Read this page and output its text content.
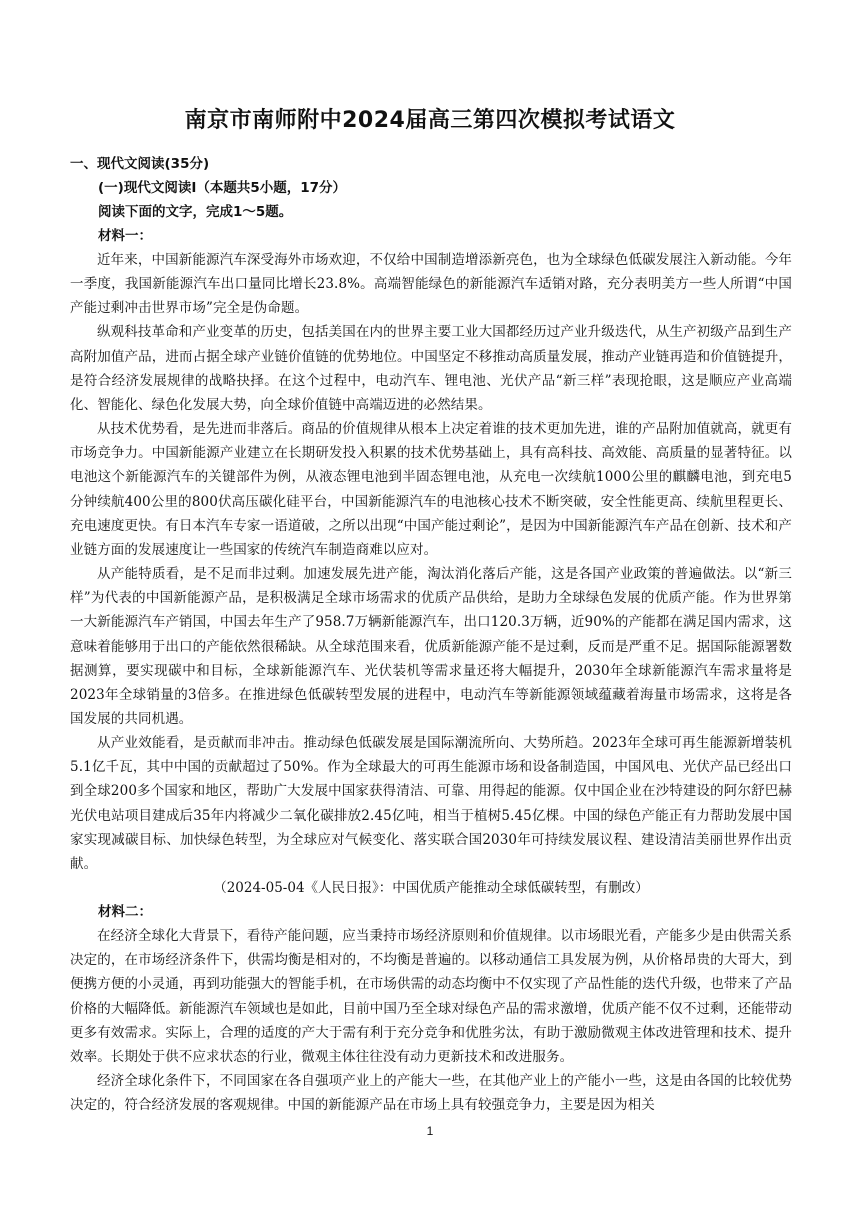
南京市南师附中2024届高三第四次模拟考试语文
一、现代文阅读(35分)
(一)现代文阅读Ⅰ（本题共5小题，17分）
阅读下面的文字，完成1～5题。
材料一：

近年来，中国新能源汽车深受海外市场欢迎，不仅给中国制造增添新亮色，也为全球绿色低碳发展注入新动能。今年一季度，我国新能源汽车出口量同比增长23.8%。高端智能绿色的新能源汽车适销对路，充分表明美方一些人所谓“中国产能过剩冲击世界市场”完全是伪命题。

纵观科技革命和产业变革的历史，包括美国在内的世界主要工业大国都经历过产业升级迭代，从生产初级产品到生产高附加值产品，进而占据全球产业链价值链的优势地位。中国坚定不移推动高质量发展，推动产业链再造和价值链提升，是符合经济发展规律的战略抉择。在这个过程中，电动汽车、锂电池、光伏产品“新三样”表现抢眼，这是顺应产业高端化、智能化、绿色化发展大势，向全球价值链中高端迈进的必然结果。

从技术优势看，是先进而非落后。商品的价值规律从根本上决定着谁的技术更加先进，谁的产品附加值就高，就更有市场竞争力。中国新能源产业建立在长期研发投入积累的技术优势基础上，具有高科技、高效能、高质量的显著特征。以电池这个新能源汽车的关键部件为例，从液态锂电池到半固态锂电池，从充电一次续航1000公里的麒麟电池，到充电5分钟续航400公里的800伏高压碳化硅平台，中国新能源汽车的电池核心技术不断突破，安全性能更高、续航里程更长、充电速度更快。有日本汽车专家一语道破，之所以出现“中国产能过剩论”，是因为中国新能源汽车产品在创新、技术和产业链方面的发展速度让一些国家的传统汽车制造商难以应对。

从产能特质看，是不足而非过剩。加速发展先进产能，淘汰消化落后产能，这是各国产业政策的普遍做法。以“新三样”为代表的中国新能源产品，是积极满足全球市场需求的优质产品供给，是助力全球绿色发展的优质产能。作为世界第一大新能源汽车产销国，中国去年生产了958.7万辆新能源汽车，出口120.3万辆，近90%的产能都在满足国内需求，这意味着能够用于出口的产能依然很稀缺。从全球范围来看，优质新能源产能不是过剩，反而是严重不足。据国际能源署数据测算，要实现碳中和目标，全球新能源汽车、光伏装机等需求量还将大幅提升，2030年全球新能源汽车需求量将是2023年全球销量的3倍多。在推进绿色低碳转型发展的进程中，电动汽车等新能源领域蕴藏着海量市场需求，这将是各国发展的共同机遇。

从产业效能看，是贡献而非冲击。推动绿色低碳发展是国际潮流所向、大势所趋。2023年全球可再生能源新增装机5.1亿千瓦，其中中国的贡献超过了50%。作为全球最大的可再生能源市场和设备制造国，中国风电、光伏产品已经出口到全球200多个国家和地区，帮助广大发展中国家获得清洁、可靠、用得起的能源。仅中国企业在沙特建设的阿尔舒巴赫光伏电站项目建成后35年内将减少二氧化碳排放2.45亿吨，相当于植树5.45亿棵。中国的绿色产能正有力帮助发展中国家实现减碳目标、加快绿色转型，为全球应对气候变化、落实联合国2030年可持续发展议程、建设清洁美丽世界作出贡献。

（2024-05-04《人民日报》：中国优质产能推动全球低碳转型，有删改）

材料二：

在经济全球化大背景下，看待产能问题，应当秉持市场经济原则和价值规律。以市场眼光看，产能多少是由供需关系决定的，在市场经济条件下，供需均衡是相对的，不均衡是普遍的。以移动通信工具发展为例，从价格昂贵的大哥大，到便携方便的小灵通，再到功能强大的智能手机，在市场供需的动态均衡中不仅实现了产品性能的迭代升级，也带来了产品价格的大幅降低。新能源汽车领域也是如此，目前中国乃至全球对绿色产品的需求激增，优质产能不仅不过剩，还能带动更多有效需求。实际上，合理的适度的产大于需有利于充分竞争和优胜劣汰，有助于激励微观主体改进管理和技术、提升效率。长期处于供不应求状态的行业，微观主体往往没有动力更新技术和改进服务。

经济全球化条件下，不同国家在各自强项产业上的产能大一些，在其他产业上的产能小一些，这是由各国的比较优势决定的，符合经济发展的客观规律。中国的新能源产品在市场上具有较强竞争力，主要是因为相关

1
